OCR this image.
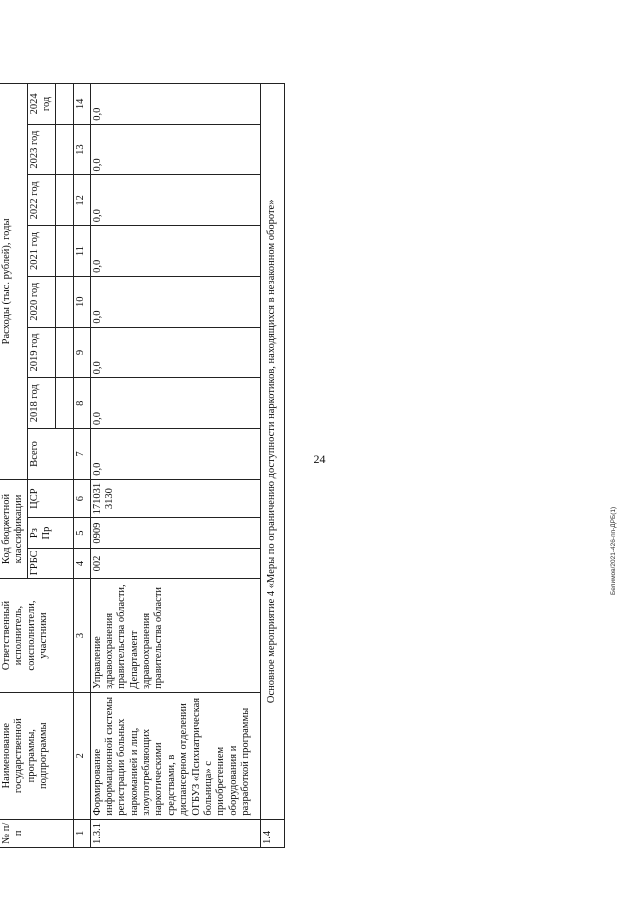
24
№ п/п	Наименование государственной программы, подпрограммы	Ответственный исполнитель, соисполнители, участники	Код бюджетной классификации			Расходы (тыс. рублей), годы							
			ГРБС	Рз Пр	ЦСР	Всего	2018 год	2019 год	2020 год	2021 год	2022 год	2023 год	2024 год

1	2	3	4	5	6	7	8	9	10	11	12	13	14
1.3.1	Формирование информационной системы регистрации больных наркоманией и лиц, злоупотребляющих наркотическими средствами, в диспансерном отделении ОГБУЗ «Психиатрическая больница» с приобретением оборудования и разработкой программы	Управление здравоохранения правительства области, Департамент здравоохранения правительства области	002	0909	1710313130	0,0	0,0	0,0	0,0	0,0	0,0	0,0	0,0
1.4	Основное мероприятие 4 «Меры по ограничению доступности наркотиков, находящихся в незаконном обороте»													Белимов/2021-426-пп-ДРБ(1)
